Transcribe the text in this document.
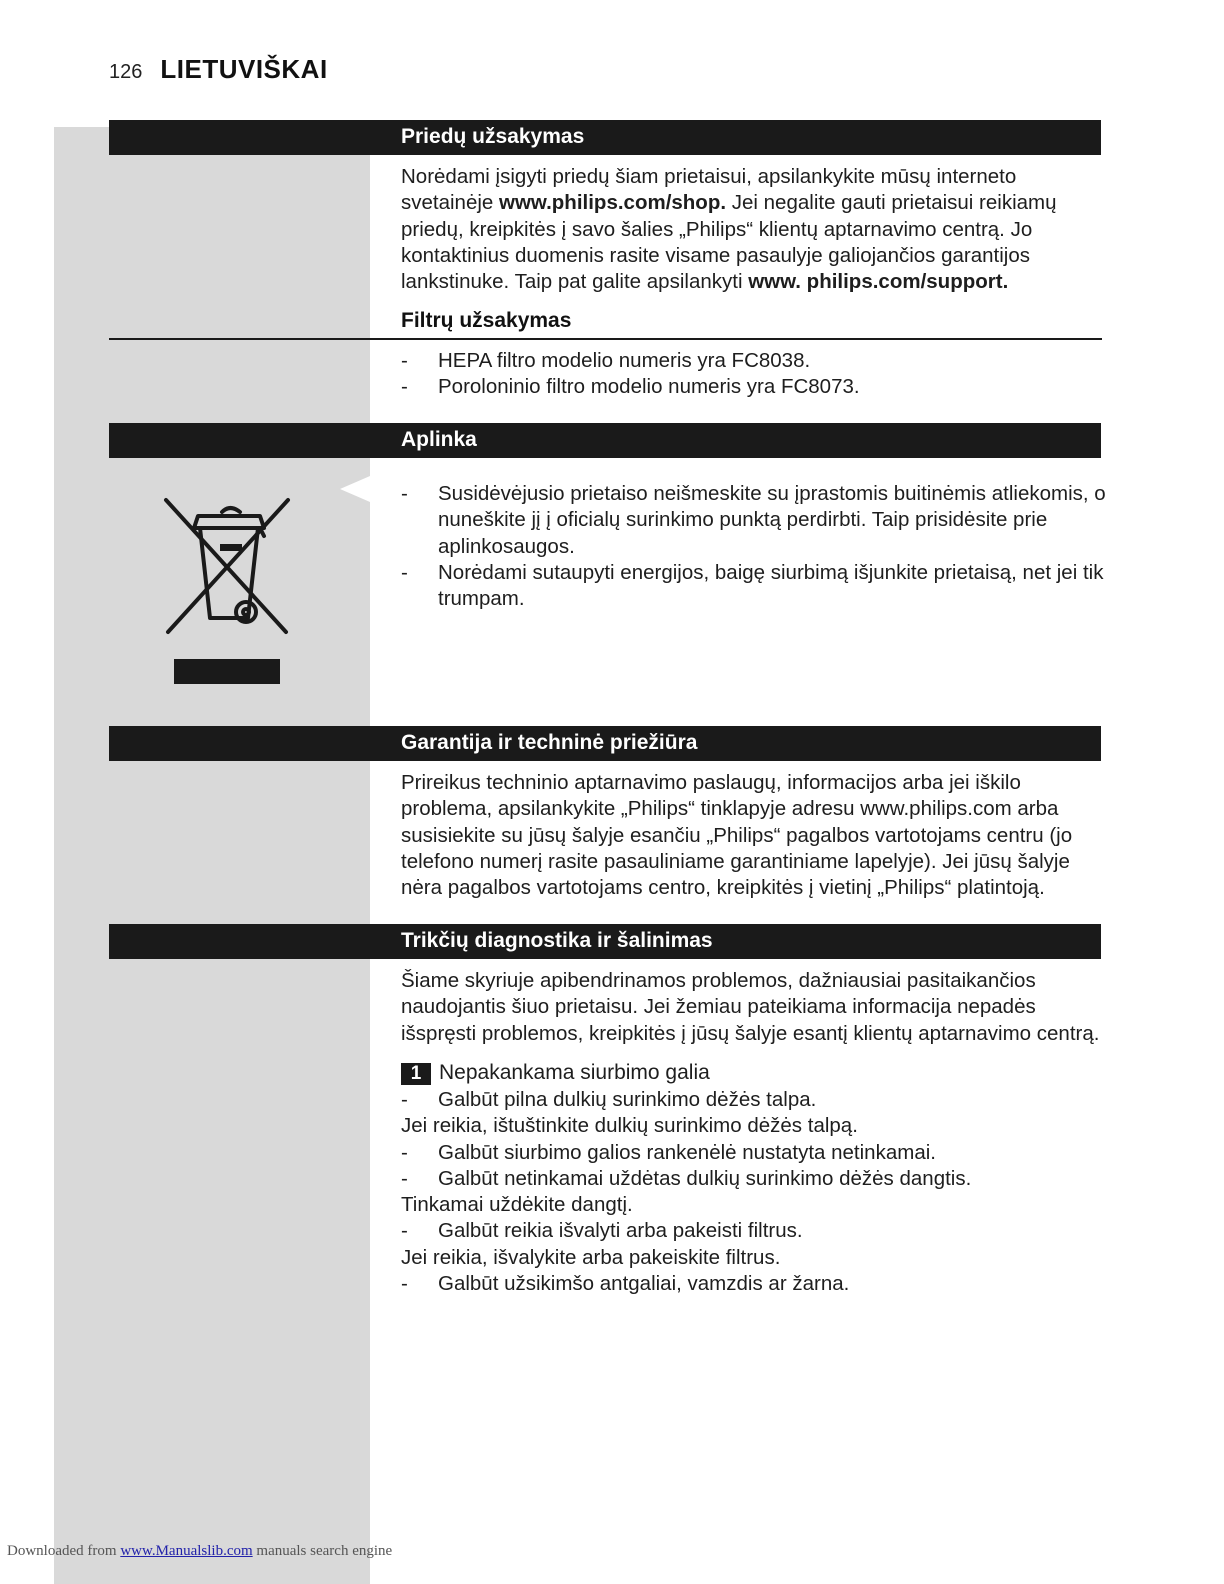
126 LIETUVIŠKAI
Priedų užsakymas
Norėdami įsigyti priedų šiam prietaisui, apsilankykite mūsų interneto svetainėje www.philips.com/shop. Jei negalite gauti prietaisui reikiamų priedų, kreipkitės į savo šalies „Philips“ klientų aptarnavimo centrą. Jo kontaktinius duomenis rasite visame pasaulyje galiojančios garantijos lankstinuke. Taip pat galite apsilankyti www. philips.com/support.
Filtrų užsakymas
- HEPA filtro modelio numeris yra FC8038.
- Poroloninio filtro modelio numeris yra FC8073.
Aplinka
- Susidėvėjusio prietaiso neišmeskite su įprastomis buitinėmis atliekomis, o nuneškite jį į oficialų surinkimo punktą perdirbti. Taip prisidėsite prie aplinkosaugos.
- Norėdami sutaupyti energijos, baigę siurbimą išjunkite prietaisą, net jei tik trumpam.
Garantija ir techninė priežiūra
Prireikus techninio aptarnavimo paslaugų, informacijos arba jei iškilo problema, apsilankykite „Philips“ tinklapyje adresu www.philips.com arba susisiekite su jūsų šalyje esančiu „Philips“ pagalbos vartotojams centru (jo telefono numerį rasite pasauliniame garantiniame lapelyje). Jei jūsų šalyje nėra pagalbos vartotojams centro, kreipkitės į vietinį „Philips“ platintoją.
Trikčių diagnostika ir šalinimas
Šiame skyriuje apibendrinamos problemos, dažniausiai pasitaikančios naudojantis šiuo prietaisu. Jei žemiau pateikiama informacija nepadės išspręsti problemos, kreipkitės į jūsų šalyje esantį klientų aptarnavimo centrą.
1 Nepakankama siurbimo galia
- Galbūt pilna dulkių surinkimo dėžės talpa.
Jei reikia, ištuštinkite dulkių surinkimo dėžės talpą.
- Galbūt siurbimo galios rankenėlė nustatyta netinkamai.
- Galbūt netinkamai uždėtas dulkių surinkimo dėžės dangtis.
Tinkamai uždėkite dangtį.
- Galbūt reikia išvalyti arba pakeisti filtrus.
Jei reikia, išvalykite arba pakeiskite filtrus.
- Galbūt užsikimšo antgaliai, vamzdis ar žarna.
Downloaded from www.Manualslib.com manuals search engine
